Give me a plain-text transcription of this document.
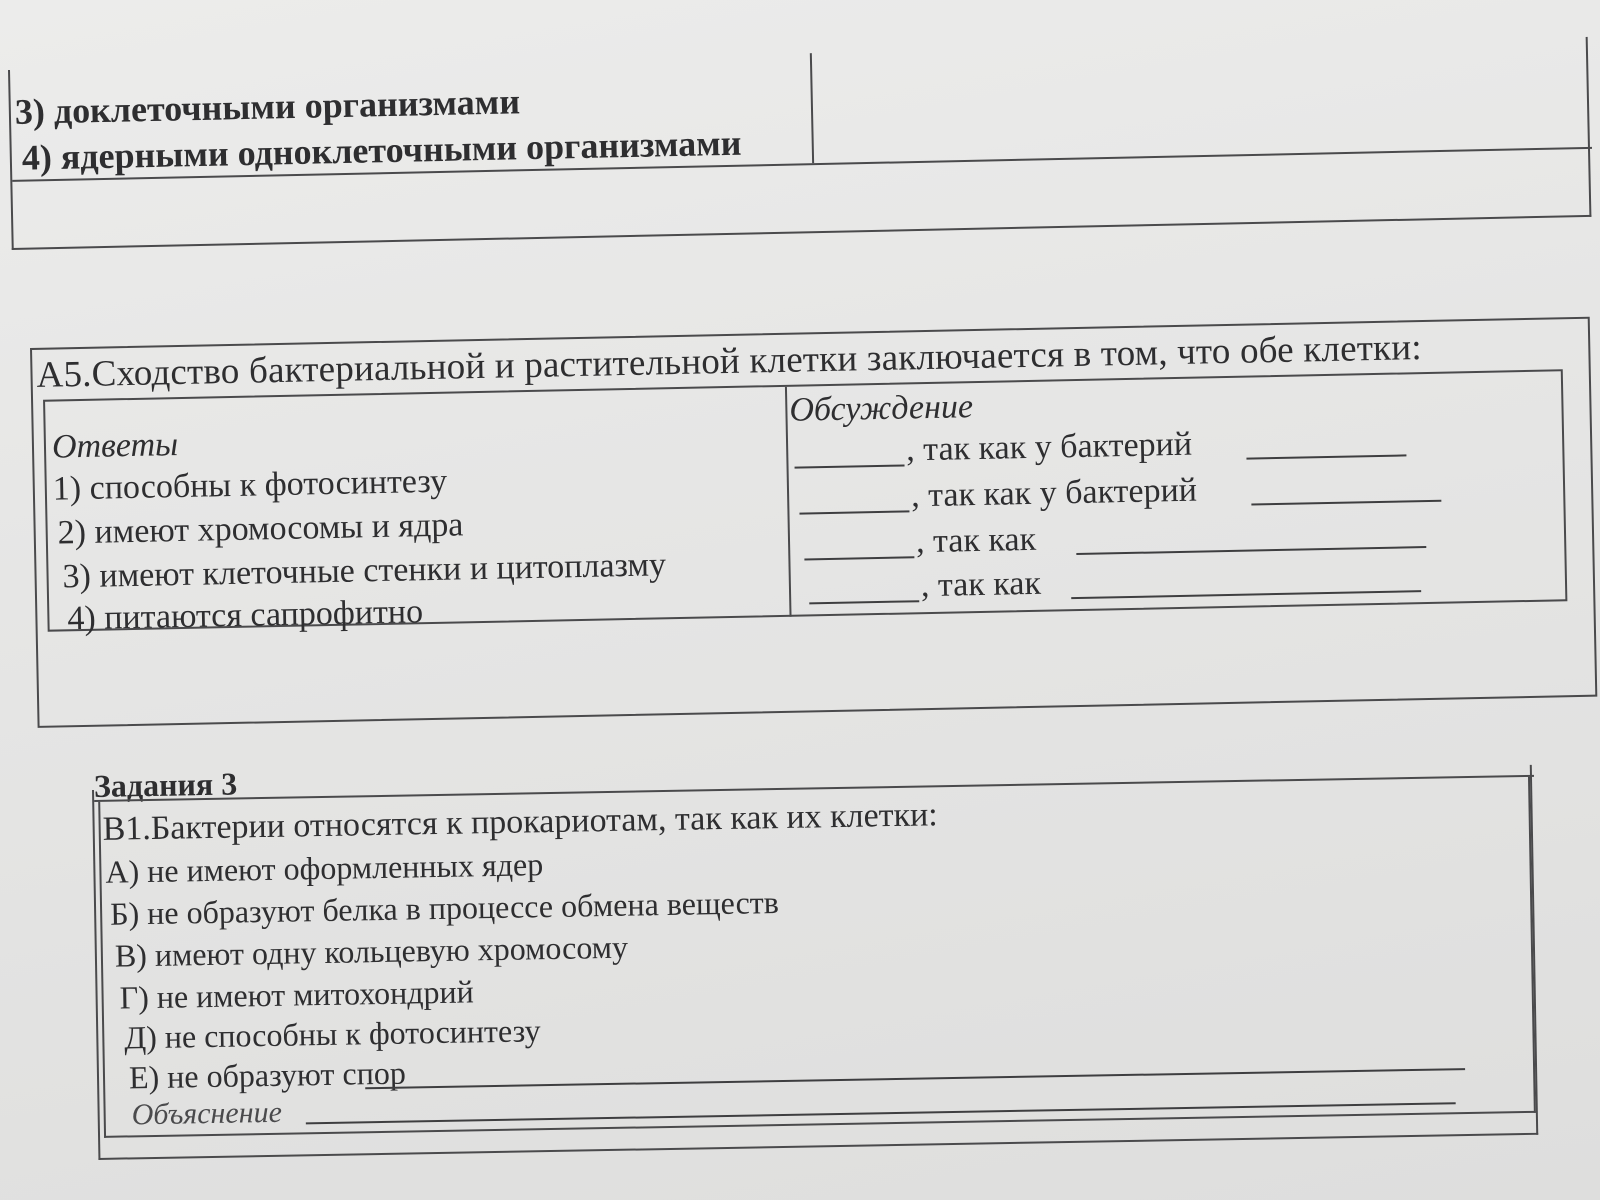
3) доклеточными организмами
4) ядерными одноклеточными организмами
А5.Сходство бактериальной и растительной клетки заключается в том, что обе клетки:
Ответы
1) способны к фотосинтезу
2) имеют хромосомы и ядра
3) имеют клеточные стенки и цитоплазму
4) питаются сапрофитно
Обсуждение
, так как у бактерий
, так как у бактерий
, так как
, так как
Задания 3
В1.Бактерии относятся к прокариотам, так как их клетки:
А) не имеют оформленных ядер
Б) не образуют белка в процессе обмена веществ
В) имеют одну кольцевую хромосому
Г) не имеют митохондрий
Д) не способны к фотосинтезу
Е) не образуют спор
Объяснение
